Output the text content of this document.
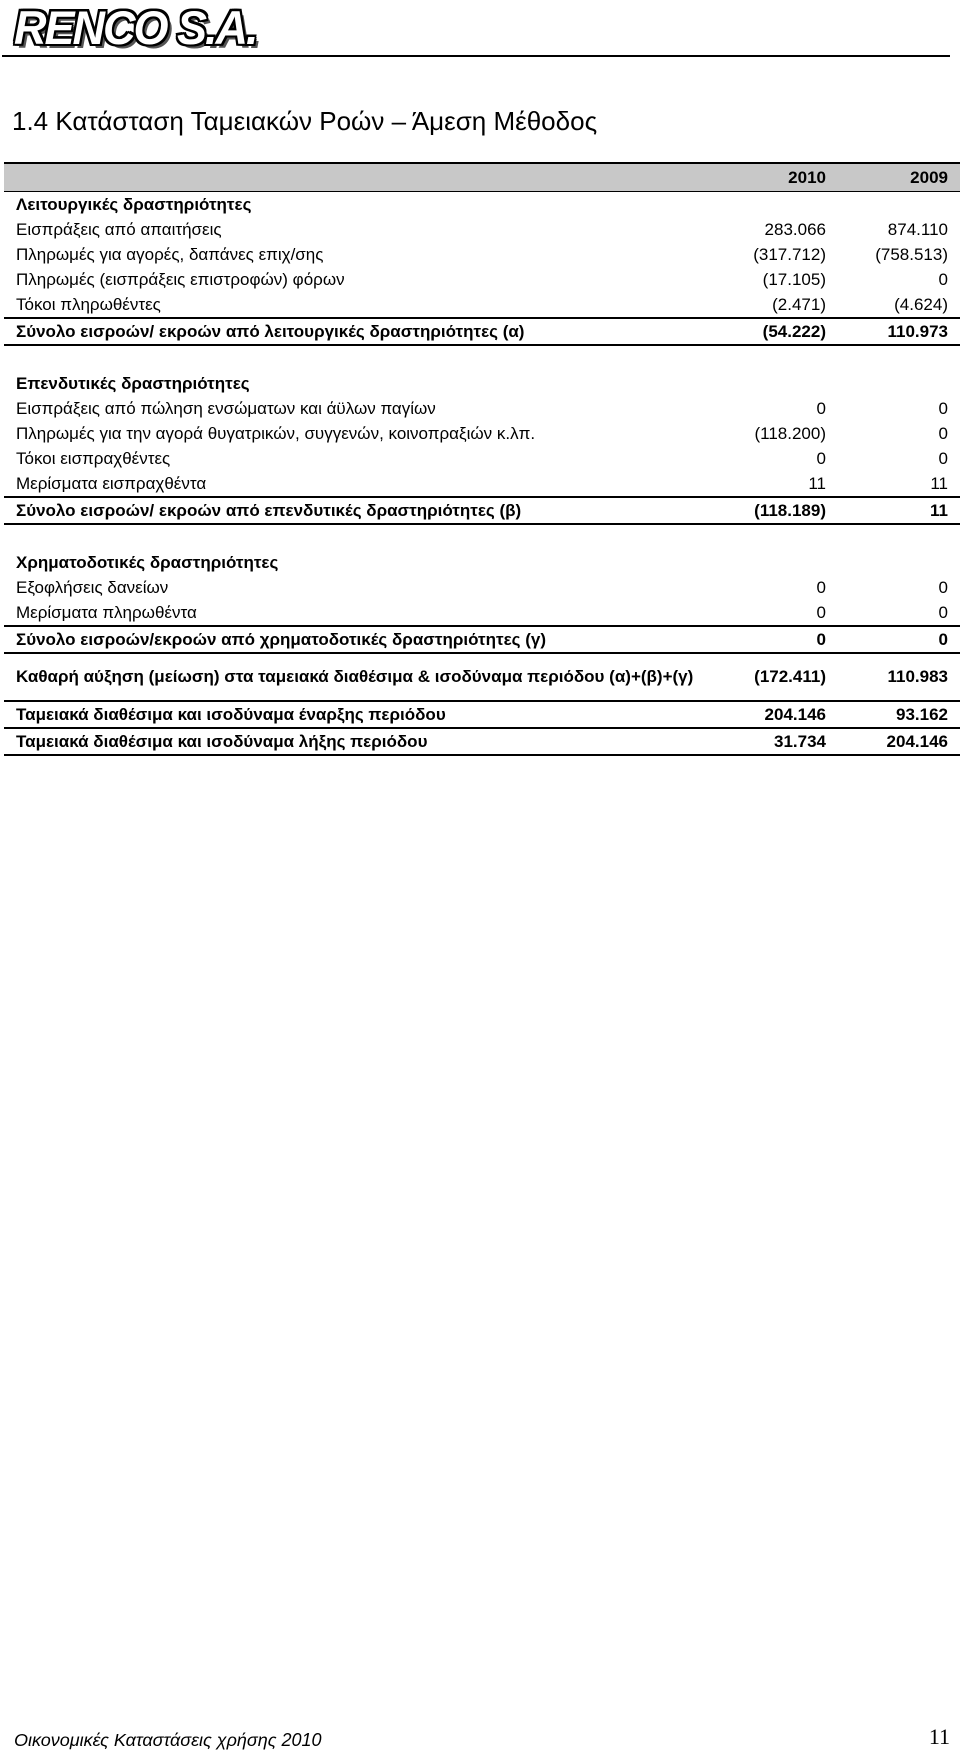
RENCO S.A.
1.4 Κατάσταση Ταμειακών Ροών – Άμεση Μέθοδος
	2010	2009
Λειτουργικές δραστηριότητες		
Εισπράξεις από απαιτήσεις	283.066	874.110
Πληρωμές για αγορές, δαπάνες επιχ/σης	(317.712)	(758.513)
Πληρωμές (εισπράξεις επιστροφών) φόρων	(17.105)	0
Τόκοι πληρωθέντες	(2.471)	(4.624)
Σύνολο εισροών/ εκροών από λειτουργικές δραστηριότητες (α)	(54.222)	110.973

Επενδυτικές δραστηριότητες		
Εισπράξεις από πώληση ενσώματων και άϋλων παγίων	0	0
Πληρωμές για την αγορά θυγατρικών, συγγενών, κοινοπραξιών κ.λπ.	(118.200)	0
Τόκοι εισπραχθέντες	0	0
Μερίσματα εισπραχθέντα	11	11
Σύνολο εισροών/ εκροών από επενδυτικές δραστηριότητες (β)	(118.189)	11

Χρηματοδοτικές δραστηριότητες		
Εξοφλήσεις δανείων	0	0
Μερίσματα πληρωθέντα	0	0
Σύνολο εισροών/εκροών από χρηματοδοτικές δραστηριότητες (γ)	0	0
Καθαρή αύξηση (μείωση) στα ταμειακά διαθέσιμα & ισοδύναμα περιόδου (α)+(β)+(γ)	(172.411)	110.983
Ταμειακά διαθέσιμα και ισοδύναμα έναρξης περιόδου	204.146	93.162
Ταμειακά διαθέσιμα και ισοδύναμα λήξης περιόδου	31.734	204.146
Οικονομικές Καταστάσεις χρήσης 2010	11
